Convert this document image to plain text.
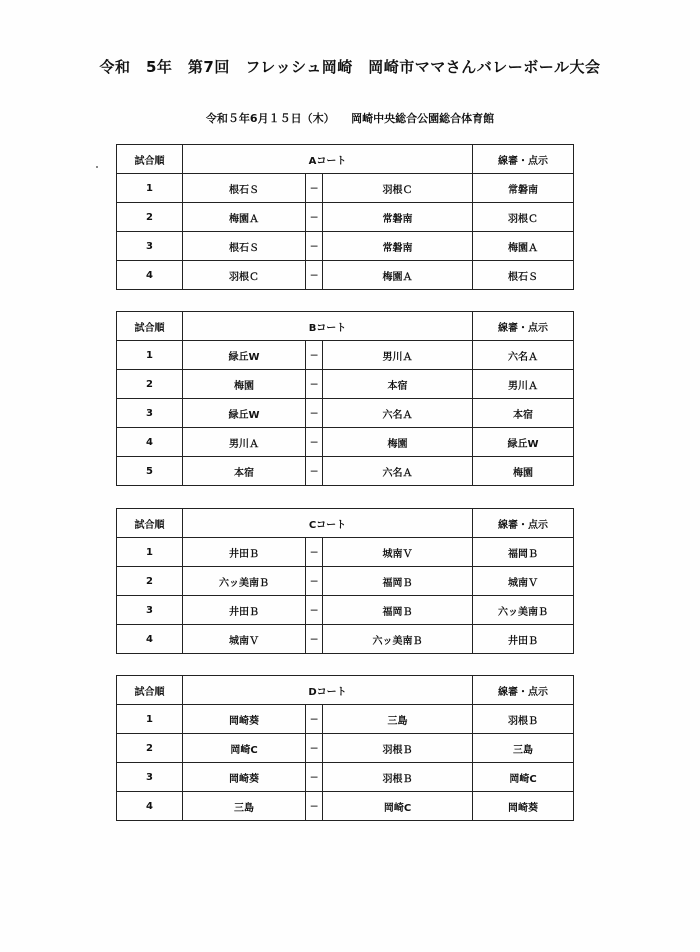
令和　5年　第7回　フレッシュ岡崎　岡崎市ママさんバレーボール大会
令和５年6月１５日（木）　　岡崎中央総合公園総合体育館
試合順	Aコート			線審・点示
1	根石Ｓ	─	羽根Ｃ	常磐南
2	梅園Ａ	─	常磐南	羽根Ｃ
3	根石Ｓ	─	常磐南	梅園Ａ
4	羽根Ｃ	─	梅園Ａ	根石Ｓ
試合順	Bコート			線審・点示
1	緑丘W	─	男川Ａ	六名Ａ
2	梅園	─	本宿	男川Ａ
3	緑丘W	─	六名Ａ	本宿
4	男川Ａ	─	梅園	緑丘W
5	本宿	─	六名Ａ	梅園
試合順	Cコート			線審・点示
1	井田Ｂ	─	城南Ｖ	福岡Ｂ
2	六ッ美南Ｂ	─	福岡Ｂ	城南Ｖ
3	井田Ｂ	─	福岡Ｂ	六ッ美南Ｂ
4	城南Ｖ	─	六ッ美南Ｂ	井田Ｂ
試合順	Dコート			線審・点示
1	岡崎葵	─	三島	羽根Ｂ
2	岡崎C	─	羽根Ｂ	三島
3	岡崎葵	─	羽根Ｂ	岡崎C
4	三島	─	岡崎C	岡崎葵
